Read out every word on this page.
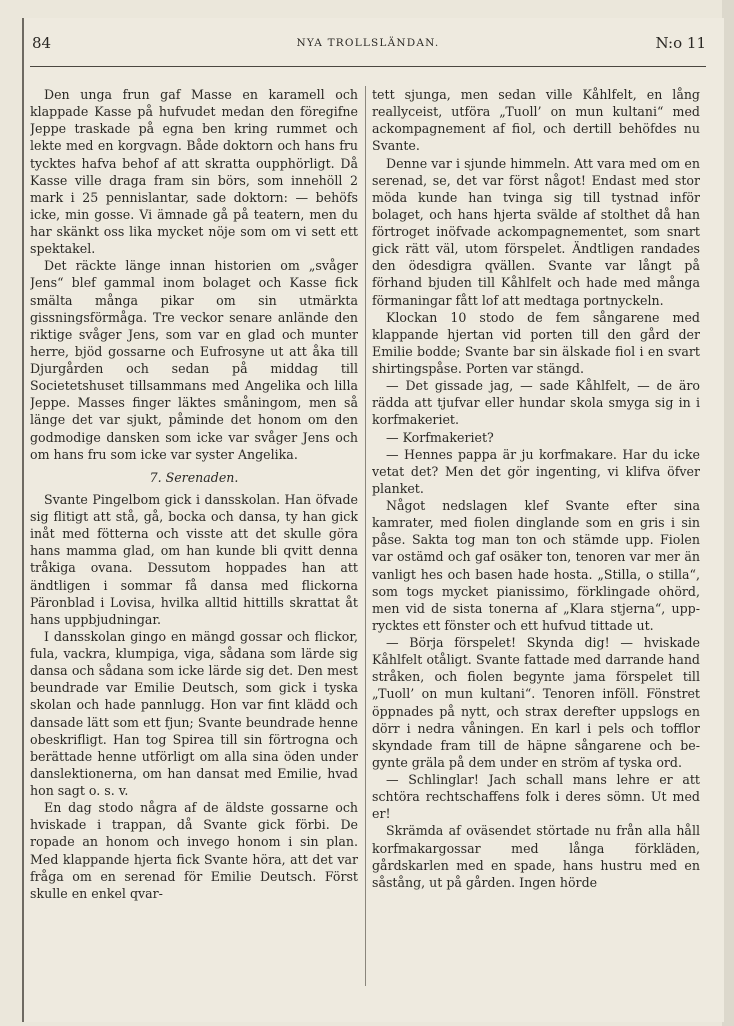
84	NYA TROLLSLÄNDAN.	N:o 11

Den unga frun gaf Masse en karamell och klappade Kasse på hufvudet medan den föregifne Jeppe traskade på egna ben kring rummet och lekte med en korgvagn. Både doktorn och hans fru tycktes hafva behof af att skratta oupphörligt. Då Kasse ville draga fram sin börs, som innehöll 2 mark i 25 pennislantar, sade doktorn: — behöfs icke, min gosse. Vi ämnade gå på teatern, men du har skänkt oss lika mycket nöje som om vi sett ett spektakel.

Det räckte länge innan historien om „svåger Jens“ blef gammal inom bolaget och Kasse fick smälta många pikar om sin utmärkta gissningsförmåga. Tre veckor senare anlände den riktige svåger Jens, som var en glad och munter herre, bjöd gossarne och Eufrosyne ut att åka till Djurgården och sedan på middag till Societetshuset tillsammans med Angelika och lilla Jeppe. Masses finger läktes småningom, men så länge det var sjukt, påminde det honom om den godmodige dansken som icke var svåger Jens och om hans fru som icke var syster Angelika.

7. Serenaden.

Svante Pingelbom gick i dansskolan. Han öfvade sig flitigt att stå, gå, bocka och dansa, ty han gick inåt med fötterna och visste att det skulle göra hans mamma glad, om han kunde bli qvitt denna tråkiga ovana. Dessutom hoppades han att ändtligen i sommar få dansa med flickorna Päronblad i Lovisa, hvilka alltid hittills skrattat åt hans uppbjudningar.

I dansskolan gingo en mängd gossar och flickor, fula, vackra, klumpiga, viga, sådana som lärde sig dansa och sådana som icke lärde sig det. Den mest beundrade var Emilie Deutsch, som gick i tyska skolan och hade pannlugg. Hon var fint klädd och dansade lätt som ett fjun; Svante beundrade henne obeskrifligt. Han tog Spirea till sin förtrogna och berättade henne utförligt om alla sina öden under danslektionerna, om han dansat med Emilie, hvad hon sagt o. s. v.

En dag stodo några af de äldste gossarne och hviskade i trappan, då Svante gick förbi. De ropade an honom och invego honom i sin plan. Med klappande hjerta fick Svante höra, att det var fråga om en serenad för Emilie Deutsch. Först skulle en enkel qvar-

tett sjunga, men sedan ville Kåhlfelt, en lång reallyceist, utföra „Tuoll’ on mun kultani“ med ackompagnement af fiol, och dertill behöfdes nu Svante.

Denne var i sjunde himmeln. Att vara med om en serenad, se, det var först något! Endast med stor möda kunde han tvinga sig till tystnad inför bolaget, och hans hjerta svälde af stolthet då han förtroget inöfvade ackompagnementet, som snart gick rätt väl, utom förspelet. Ändtligen randades den ödesdigra qvällen. Svante var långt på förhand bjuden till Kåhlfelt och hade med många förmaningar fått lof att medtaga portnyckeln.

Klockan 10 stodo de fem sångarene med klappande hjertan vid porten till den gård der Emilie bodde; Svante bar sin älskade fiol i en svart shirtingspåse. Porten var stängd.

— Det gissade jag, — sade Kåhlfelt, — de äro rädda att tjufvar eller hundar skola smyga sig in i korfmakeriet.

— Korfmakeriet?

— Hennes pappa är ju korfmakare. Har du icke vetat det? Men det gör ingenting, vi klifva öfver planket.

Något nedslagen klef Svante efter sina kamrater, med fiolen dinglande som en gris i sin påse. Sakta tog man ton och stämde upp. Fiolen var ostämd och gaf osäker ton, tenoren var mer än vanligt hes och basen hade hosta. „Stilla, o stilla“, som togs mycket pianissimo, förklingade ohörd, men vid de sista tonerna af „Klara stjerna“, upprycktes ett fönster och ett hufvud tittade ut.

— Börja förspelet! Skynda dig! — hviskade Kåhlfelt otåligt. Svante fattade med darrande hand stråken, och fiolen begynte jama förspelet till „Tuoll’ on mun kultani“. Tenoren inföll. Fönstret öppnades på nytt, och strax derefter uppslogs en dörr i nedra våningen. En karl i pels och tofflor skyndade fram till de häpne sångarene och begynte gräla på dem under en ström af tyska ord.

— Schlinglar! Jach schall mans lehre er att schtöra rechtschaffens folk i deres sömn. Ut med er!

Skrämda af oväsendet störtade nu från alla håll korfmakargossar med långa förkläden, gårdskarlen med en spade, hans hustru med en såstång, ut på gården. Ingen hörde
